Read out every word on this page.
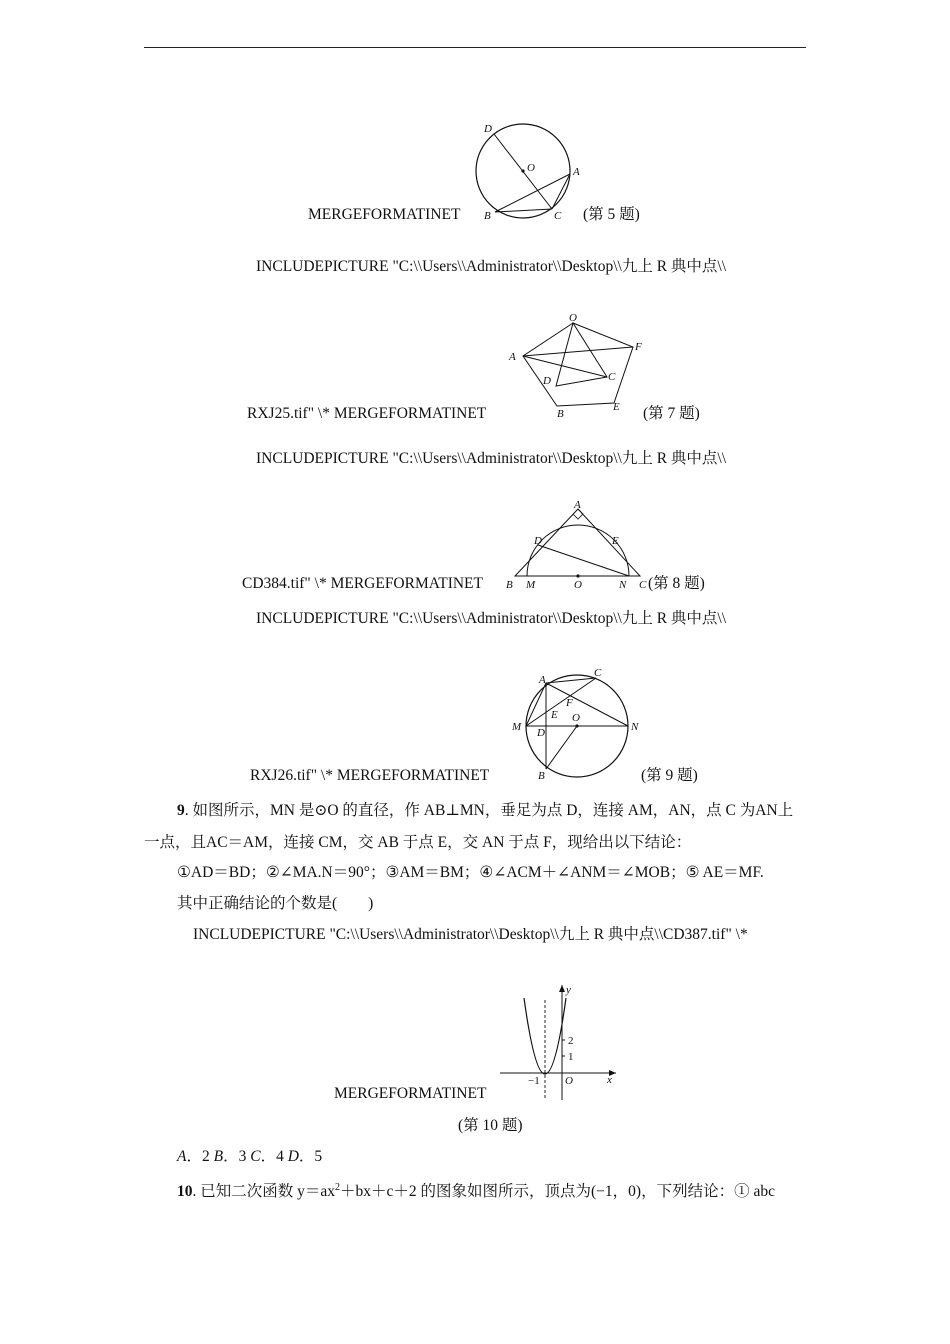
MERGEFORMATINET
D
O	A
B	C (第 5 题)
INCLUDEPICTURE "C:\\Users\\Administrator\\Desktop\\九上 R 典中点\\
RXJ25.tif" \* MERGEFORMATINET
O
A
F
D	C
B
E (第 7 题)
INCLUDEPICTURE "C:\\Users\\Administrator\\Desktop\\九上 R 典中点\\
CD384.tif" \* MERGEFORMATINET
A
D	E
B M	O	N C (第 8 题)
INCLUDEPICTURE "C:\\Users\\Administrator\\Desktop\\九上 R 典中点\\
RXJ26.tif" \* MERGEFORMATINET
A
C
F
E
M D
O
N
B	(第 9 题)
9. 如图所示，MN 是⊙O 的直径，作 AB⊥MN，垂足为点 D，连接 AM，AN，点 C 为AN上
一点，且AC＝AM，连接 CM，交 AB 于点 E，交 AN 于点 F，现给出以下结论：
①AD＝BD；②∠MA.N＝90°；③AM＝BM；④∠ACM＋∠ANM＝∠MOB；⑤ AE＝MF.
其中正确结论的个数是(　　)
INCLUDEPICTURE "C:\\Users\\Administrator\\Desktop\\九上 R 典中点\\CD387.tif" \*
MERGEFORMATINET
y
x
O
−1
1
2
(第 10 题)
A．2 B．3 C．4 D．5
10. 已知二次函数 $y=ax^2+bx+c+2$ 的图象如图所示，顶点为(−1，0)，下列结论：① abc
